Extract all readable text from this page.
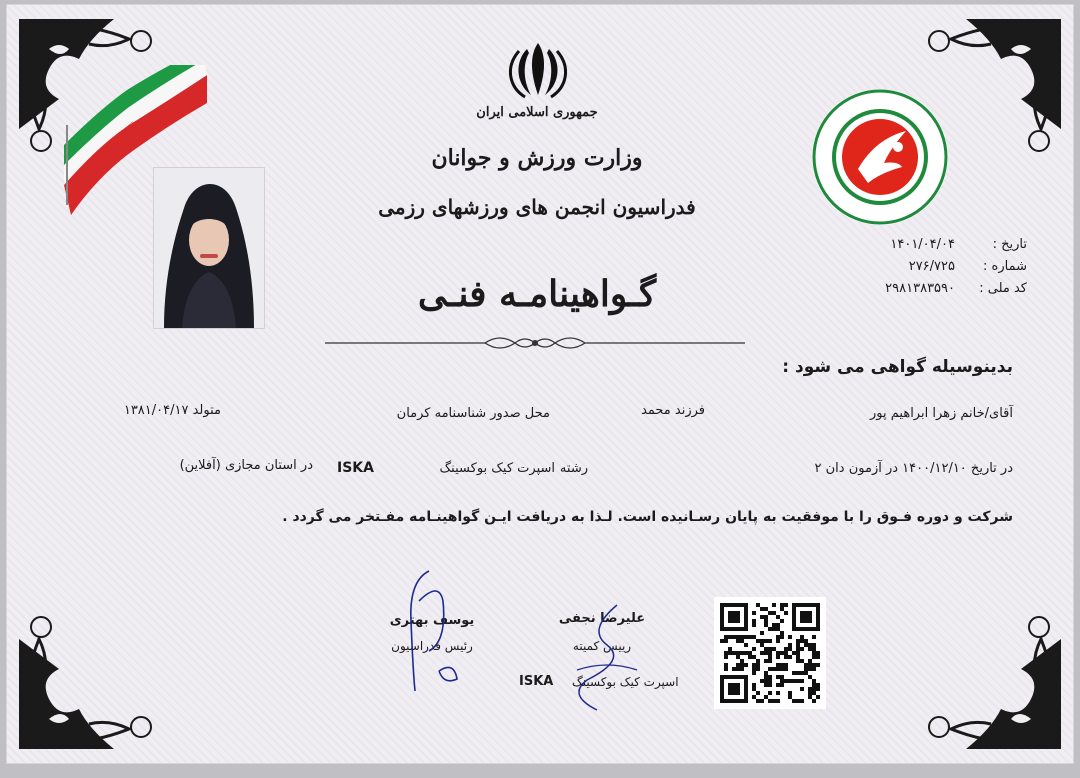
۩
جمهوری اسلامی ایران
وزارت ورزش و جوانان
فدراسیون انجمن های ورزشهای رزمی
تاریخ :
۱۴۰۱/۰۴/۰۴
شماره :
۲۷۶/۷۲۵
کد ملی :
۲۹۸۱۳۸۳۵۹۰
گـواهینامـه فنـی
بدینوسیله گواهی می شود :
آقای/خانم زهرا ابراهیم پور
فرزند محمد
محل صدور شناسنامه کرمان
متولد ۱۳۸۱/۰۴/۱۷
در تاریخ ۱۴۰۰/۱۲/۱۰ در آزمون دان ۲
رشته
اسپرت کیک بوکسینگ
ISKA
در استان مجازی (آفلاین)
شرکت و دوره فـوق را با موفقیت به پایان رسـانیده است. لـذا به دریافت ایـن گواهینـامه مفـتخر می گردد .
یوسف بهتری
رئیس فدراسیون
علیرضا نجفی
رییس کمیته
اسپرت کیک بوکسینگ
ISKA
